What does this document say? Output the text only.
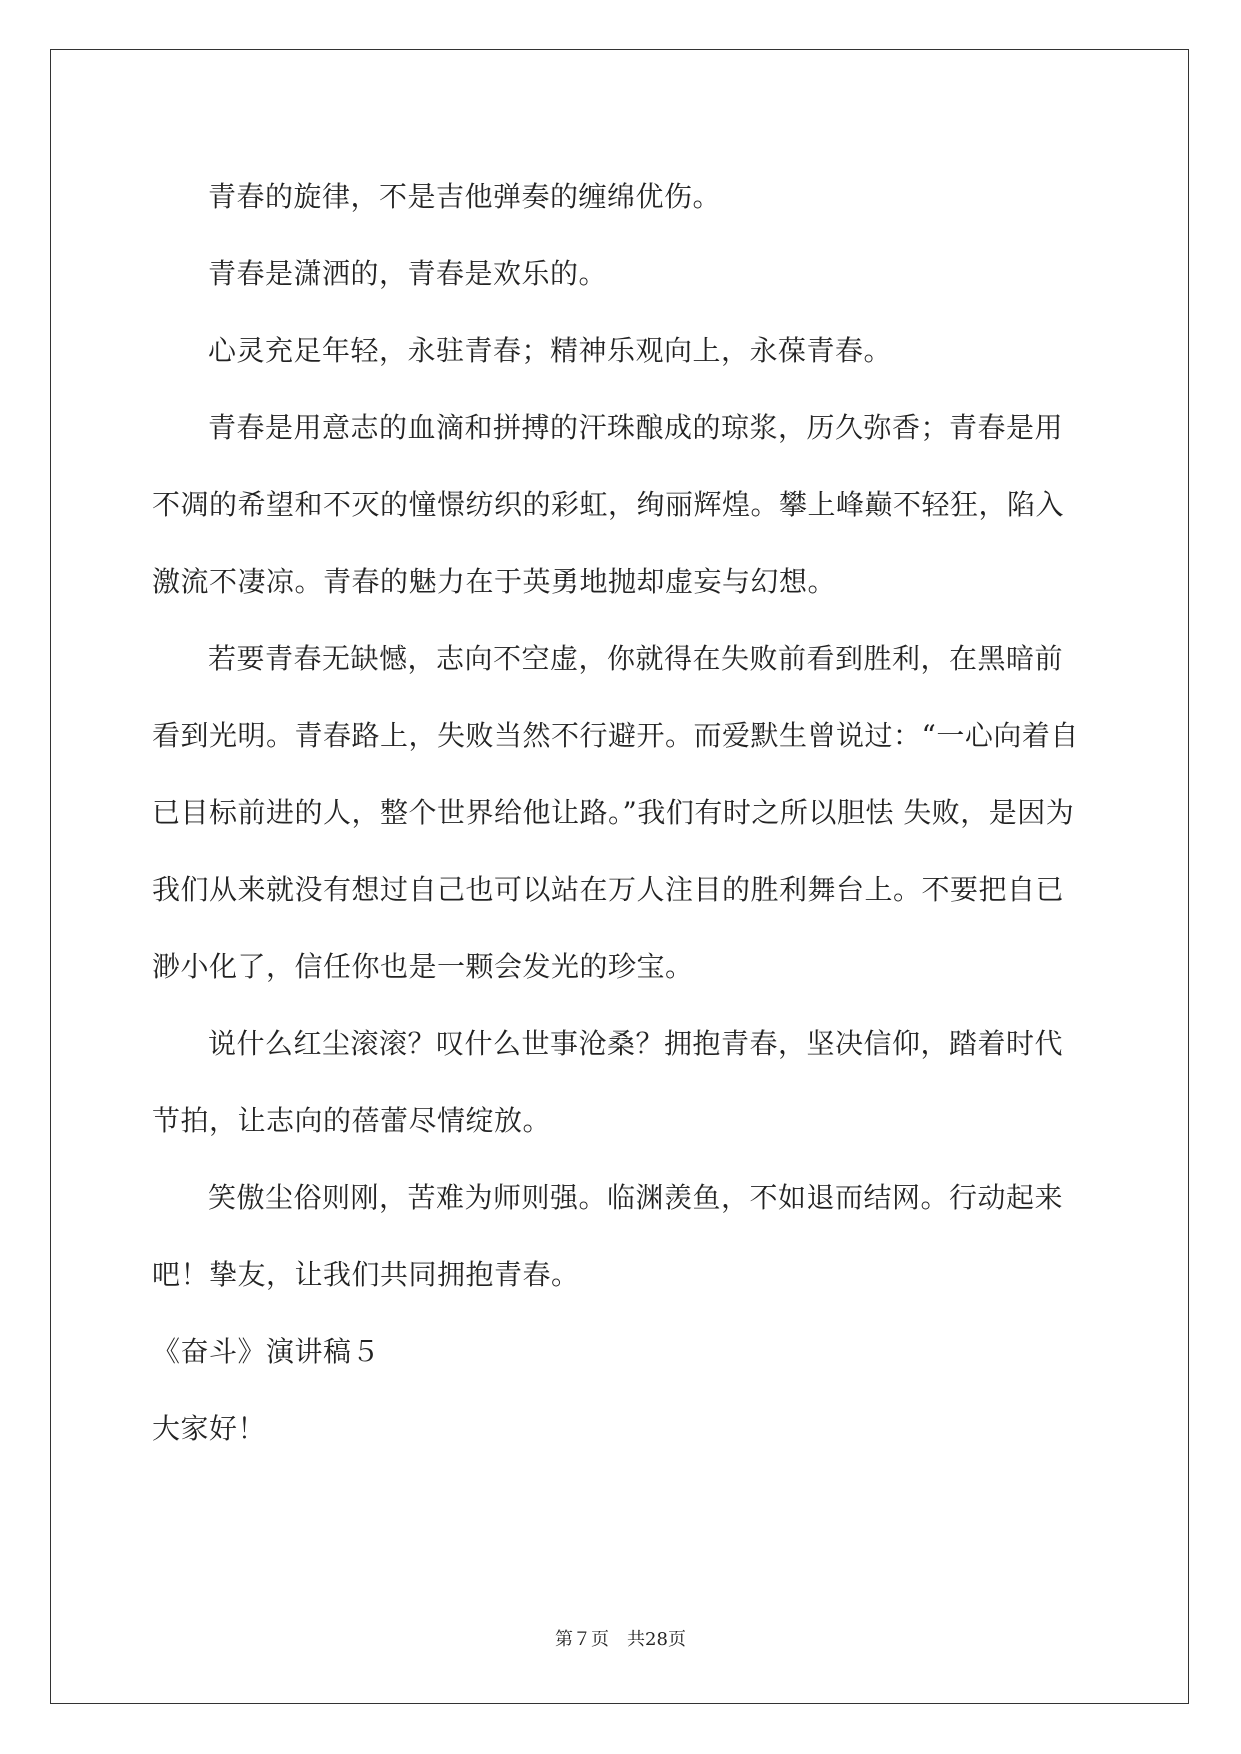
青春的旋律，不是吉他弹奏的缠绵优伤。

青春是潇洒的，青春是欢乐的。

心灵充足年轻，永驻青春；精神乐观向上，永葆青春。

青春是用意志的血滴和拼搏的汗珠酿成的琼浆，历久弥香；青春是用不凋的希望和不灭的憧憬纺织的彩虹，绚丽辉煌。攀上峰巅不轻狂，陷入激流不凄凉。青春的魅力在于英勇地抛却虚妄与幻想。

若要青春无缺憾，志向不空虚，你就得在失败前看到胜利，在黑暗前看到光明。青春路上，失败当然不行避开。而爱默生曾说过：“一心向着自已目标前进的人，整个世界给他让路。”我们有时之所以胆怯 失败，是因为我们从来就没有想过自己也可以站在万人注目的胜利舞台上。不要把自已渺小化了，信任你也是一颗会发光的珍宝。

说什么红尘滚滚？叹什么世事沧桑？拥抱青春，坚决信仰，踏着时代节拍，让志向的蓓蕾尽情绽放。

笑傲尘俗则刚，苦难为师则强。临渊羡鱼，不如退而结网。行动起来吧！挚友，让我们共同拥抱青春。

《奋斗》演讲稿５

大家好！

第７页　共28页
